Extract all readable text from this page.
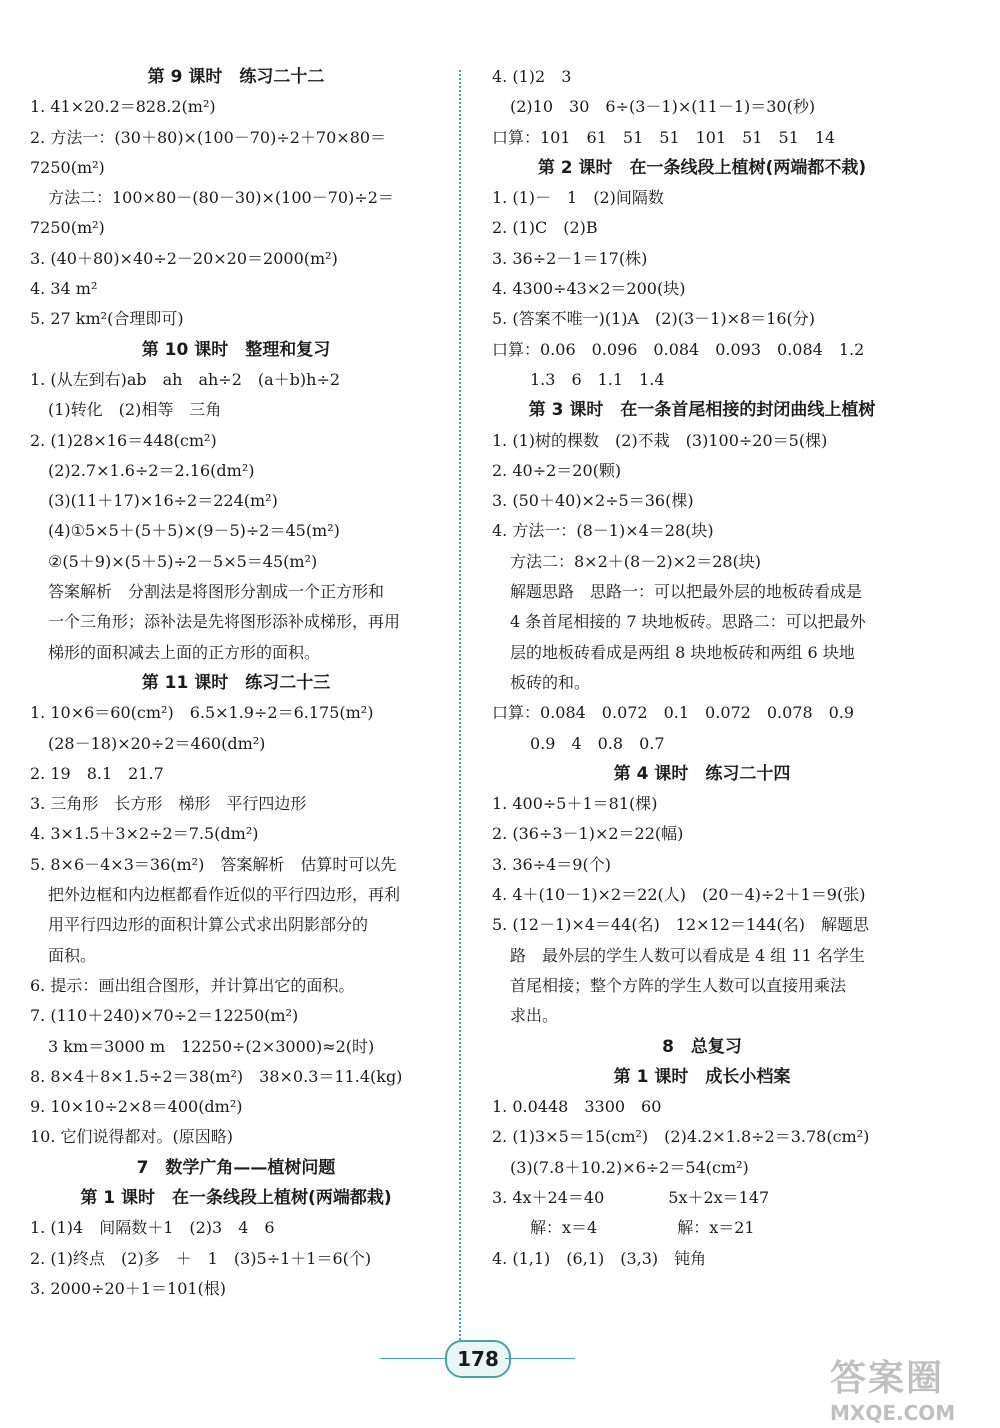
第 9 课时　练习二十二
1. 41×20.2＝828.2(m²)
2. 方法一：(30＋80)×(100－70)÷2＋70×80＝
7250(m²)
方法二：100×80－(80－30)×(100－70)÷2＝
7250(m²)
3. (40＋80)×40÷2－20×20＝2000(m²)
4. 34 m²
5. 27 km²(合理即可)
第 10 课时　整理和复习
1. (从左到右)ab　ah　ah÷2　(a＋b)h÷2
(1)转化　(2)相等　三角
2. (1)28×16＝448(cm²)
(2)2.7×1.6÷2＝2.16(dm²)
(3)(11＋17)×16÷2＝224(m²)
(4)①5×5＋(5＋5)×(9－5)÷2＝45(m²)
②(5＋9)×(5＋5)÷2－5×5＝45(m²)
答案解析　分割法是将图形分割成一个正方形和
一个三角形；添补法是先将图形添补成梯形，再用
梯形的面积减去上面的正方形的面积。
第 11 课时　练习二十三
1. 10×6＝60(cm²)　6.5×1.9÷2＝6.175(m²)
(28－18)×20÷2＝460(dm²)
2. 19　8.1　21.7
3. 三角形　长方形　梯形　平行四边形
4. 3×1.5＋3×2÷2＝7.5(dm²)
5. 8×6－4×3＝36(m²)　答案解析　估算时可以先
把外边框和内边框都看作近似的平行四边形，再利
用平行四边形的面积计算公式求出阴影部分的
面积。
6. 提示：画出组合图形，并计算出它的面积。
7. (110＋240)×70÷2＝12250(m²)
3 km＝3000 m　12250÷(2×3000)≈2(时)
8. 8×4＋8×1.5÷2＝38(m²)　38×0.3＝11.4(kg)
9. 10×10÷2×8＝400(dm²)
10. 它们说得都对。(原因略)
7　数学广角——植树问题
第 1 课时　在一条线段上植树(两端都栽)
1. (1)4　间隔数＋1　(2)3　4　6
2. (1)终点　(2)多　＋　1　(3)5÷1＋1＝6(个)
3. 2000÷20＋1＝101(根)
4. (1)2　3
(2)10　30　6÷(3－1)×(11－1)＝30(秒)
口算：101　61　51　51　101　51　51　14
第 2 课时　在一条线段上植树(两端都不栽)
1. (1)－　1　(2)间隔数
2. (1)C　(2)B
3. 36÷2－1＝17(株)
4. 4300÷43×2＝200(块)
5. (答案不唯一)(1)A　(2)(3－1)×8＝16(分)
口算：0.06　0.096　0.084　0.093　0.084　1.2
1.3　6　1.1　1.4
第 3 课时　在一条首尾相接的封闭曲线上植树
1. (1)树的棵数　(2)不栽　(3)100÷20＝5(棵)
2. 40÷2＝20(颗)
3. (50＋40)×2÷5＝36(棵)
4. 方法一：(8－1)×4＝28(块)
方法二：8×2＋(8－2)×2＝28(块)
解题思路　思路一：可以把最外层的地板砖看成是
4 条首尾相接的 7 块地板砖。思路二：可以把最外
层的地板砖看成是两组 8 块地板砖和两组 6 块地
板砖的和。
口算：0.084　0.072　0.1　0.072　0.078　0.9
0.9　4　0.8　0.7
第 4 课时　练习二十四
1. 400÷5＋1＝81(棵)
2. (36÷3－1)×2＝22(幅)
3. 36÷4＝9(个)
4. 4＋(10－1)×2＝22(人)　(20－4)÷2＋1＝9(张)
5. (12－1)×4＝44(名)　12×12＝144(名)　解题思
路　最外层的学生人数可以看成是 4 组 11 名学生
首尾相接；整个方阵的学生人数可以直接用乘法
求出。
8　总复习
第 1 课时　成长小档案
1. 0.0448　3300　60
2. (1)3×5＝15(cm²)　(2)4.2×1.8÷2＝3.78(cm²)
(3)(7.8＋10.2)×6÷2＝54(cm²)
3. 4x＋24＝40　　　　5x＋2x＝147
解：x＝4　　　　　解：x＝21
4. (1,1)　(6,1)　(3,3)　钝角
178	答案圈
MXQE.COM
